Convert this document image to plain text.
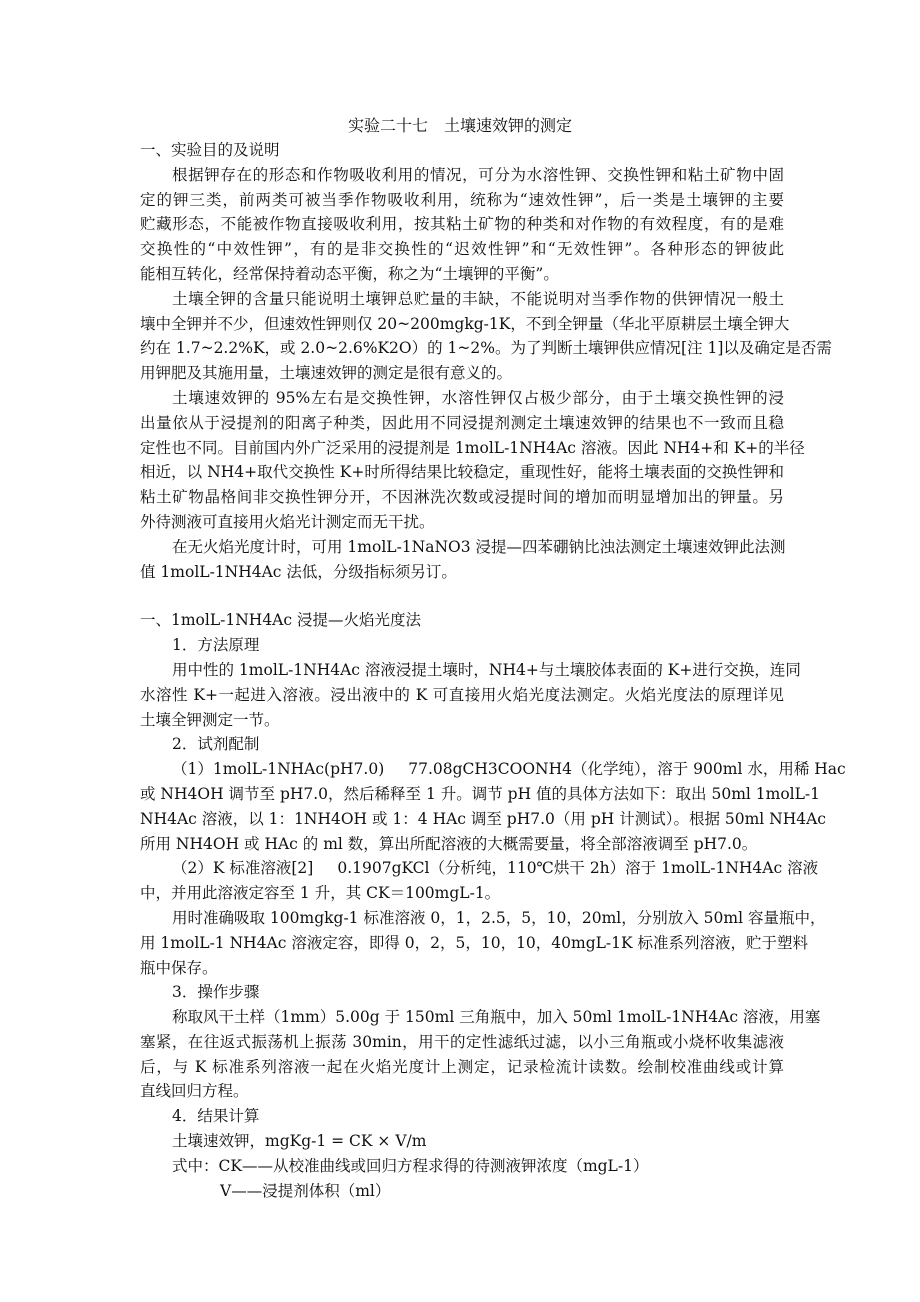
实验二十七　土壤速效钾的测定
一、实验目的及说明
根据钾存在的形态和作物吸收利用的情况，可分为水溶性钾、交换性钾和粘土矿物中固
定的钾三类，前两类可被当季作物吸收利用，统称为“速效性钾”，后一类是土壤钾的主要
贮藏形态，不能被作物直接吸收利用，按其粘土矿物的种类和对作物的有效程度，有的是难
交换性的“中效性钾”，有的是非交换性的“迟效性钾”和“无效性钾”。各种形态的钾彼此
能相互转化，经常保持着动态平衡，称之为“土壤钾的平衡”。
土壤全钾的含量只能说明土壤钾总贮量的丰缺，不能说明对当季作物的供钾情况一般土
壤中全钾并不少，但速效性钾则仅 20~200mgkg-1K，不到全钾量（华北平原耕层土壤全钾大
约在 1.7~2.2%K，或 2.0~2.6%K2O）的 1~2%。为了判断土壤钾供应情况[注 1]以及确定是否需
用钾肥及其施用量，土壤速效钾的测定是很有意义的。
土壤速效钾的 95%左右是交换性钾，水溶性钾仅占极少部分，由于土壤交换性钾的浸
出量依从于浸提剂的阳离子种类，因此用不同浸提剂测定土壤速效钾的结果也不一致而且稳
定性也不同。目前国内外广泛采用的浸提剂是 1molL-1NH4Ac 溶液。因此 NH4+和 K+的半径
相近，以 NH4+取代交换性 K+时所得结果比较稳定，重现性好，能将土壤表面的交换性钾和
粘土矿物晶格间非交换性钾分开，不因淋洗次数或浸提时间的增加而明显增加出的钾量。另
外待测液可直接用火焰光计测定而无干扰。
在无火焰光度计时，可用 1molL-1NaNO3 浸提—四苯硼钠比浊法测定土壤速效钾此法测
值 1molL-1NH4Ac 法低，分级指标须另订。
一、1molL-1NH4Ac 浸提—火焰光度法
1．方法原理
用中性的 1molL-1NH4Ac 溶液浸提土壤时，NH4+与土壤胶体表面的 K+进行交换，连同
水溶性 K+一起进入溶液。浸出液中的 K 可直接用火焰光度法测定。火焰光度法的原理详见
土壤全钾测定一节。
2．试剂配制
（1）1molL-1NHAc(pH7.0) 77.08gCH3COONH4（化学纯），溶于 900ml 水，用稀 Hac
或 NH4OH 调节至 pH7.0，然后稀释至 1 升。调节 pH 值的具体方法如下：取出 50ml 1molL-1
NH4Ac 溶液，以 1：1NH4OH 或 1：4 HAc 调至 pH7.0（用 pH 计测试）。根据 50ml NH4Ac
所用 NH4OH 或 HAc 的 ml 数，算出所配溶液的大概需要量，将全部溶液调至 pH7.0。
（2）K 标准溶液[2] 0.1907gKCl（分析纯，110℃烘干 2h）溶于 1molL-1NH4Ac 溶液
中，并用此溶液定容至 1 升，其 CK＝100mgL-1。
用时准确吸取 100mgkg-1 标准溶液 0，1，2.5，5，10，20ml，分别放入 50ml 容量瓶中，
用 1molL-1 NH4Ac 溶液定容，即得 0，2，5，10，10，40mgL-1K 标准系列溶液，贮于塑料
瓶中保存。
3．操作步骤
称取风干土样（1mm）5.00g 于 150ml 三角瓶中，加入 50ml 1molL-1NH4Ac 溶液，用塞
塞紧，在往返式振荡机上振荡 30min，用干的定性滤纸过滤，以小三角瓶或小烧杯收集滤液
后，与 K 标准系列溶液一起在火焰光度计上测定，记录检流计读数。绘制校准曲线或计算
直线回归方程。
4．结果计算
土壤速效钾，mgKg-1 = CK × V/m
式中：CK——从校准曲线或回归方程求得的待测液钾浓度（mgL-1）
V——浸提剂体积（ml）
